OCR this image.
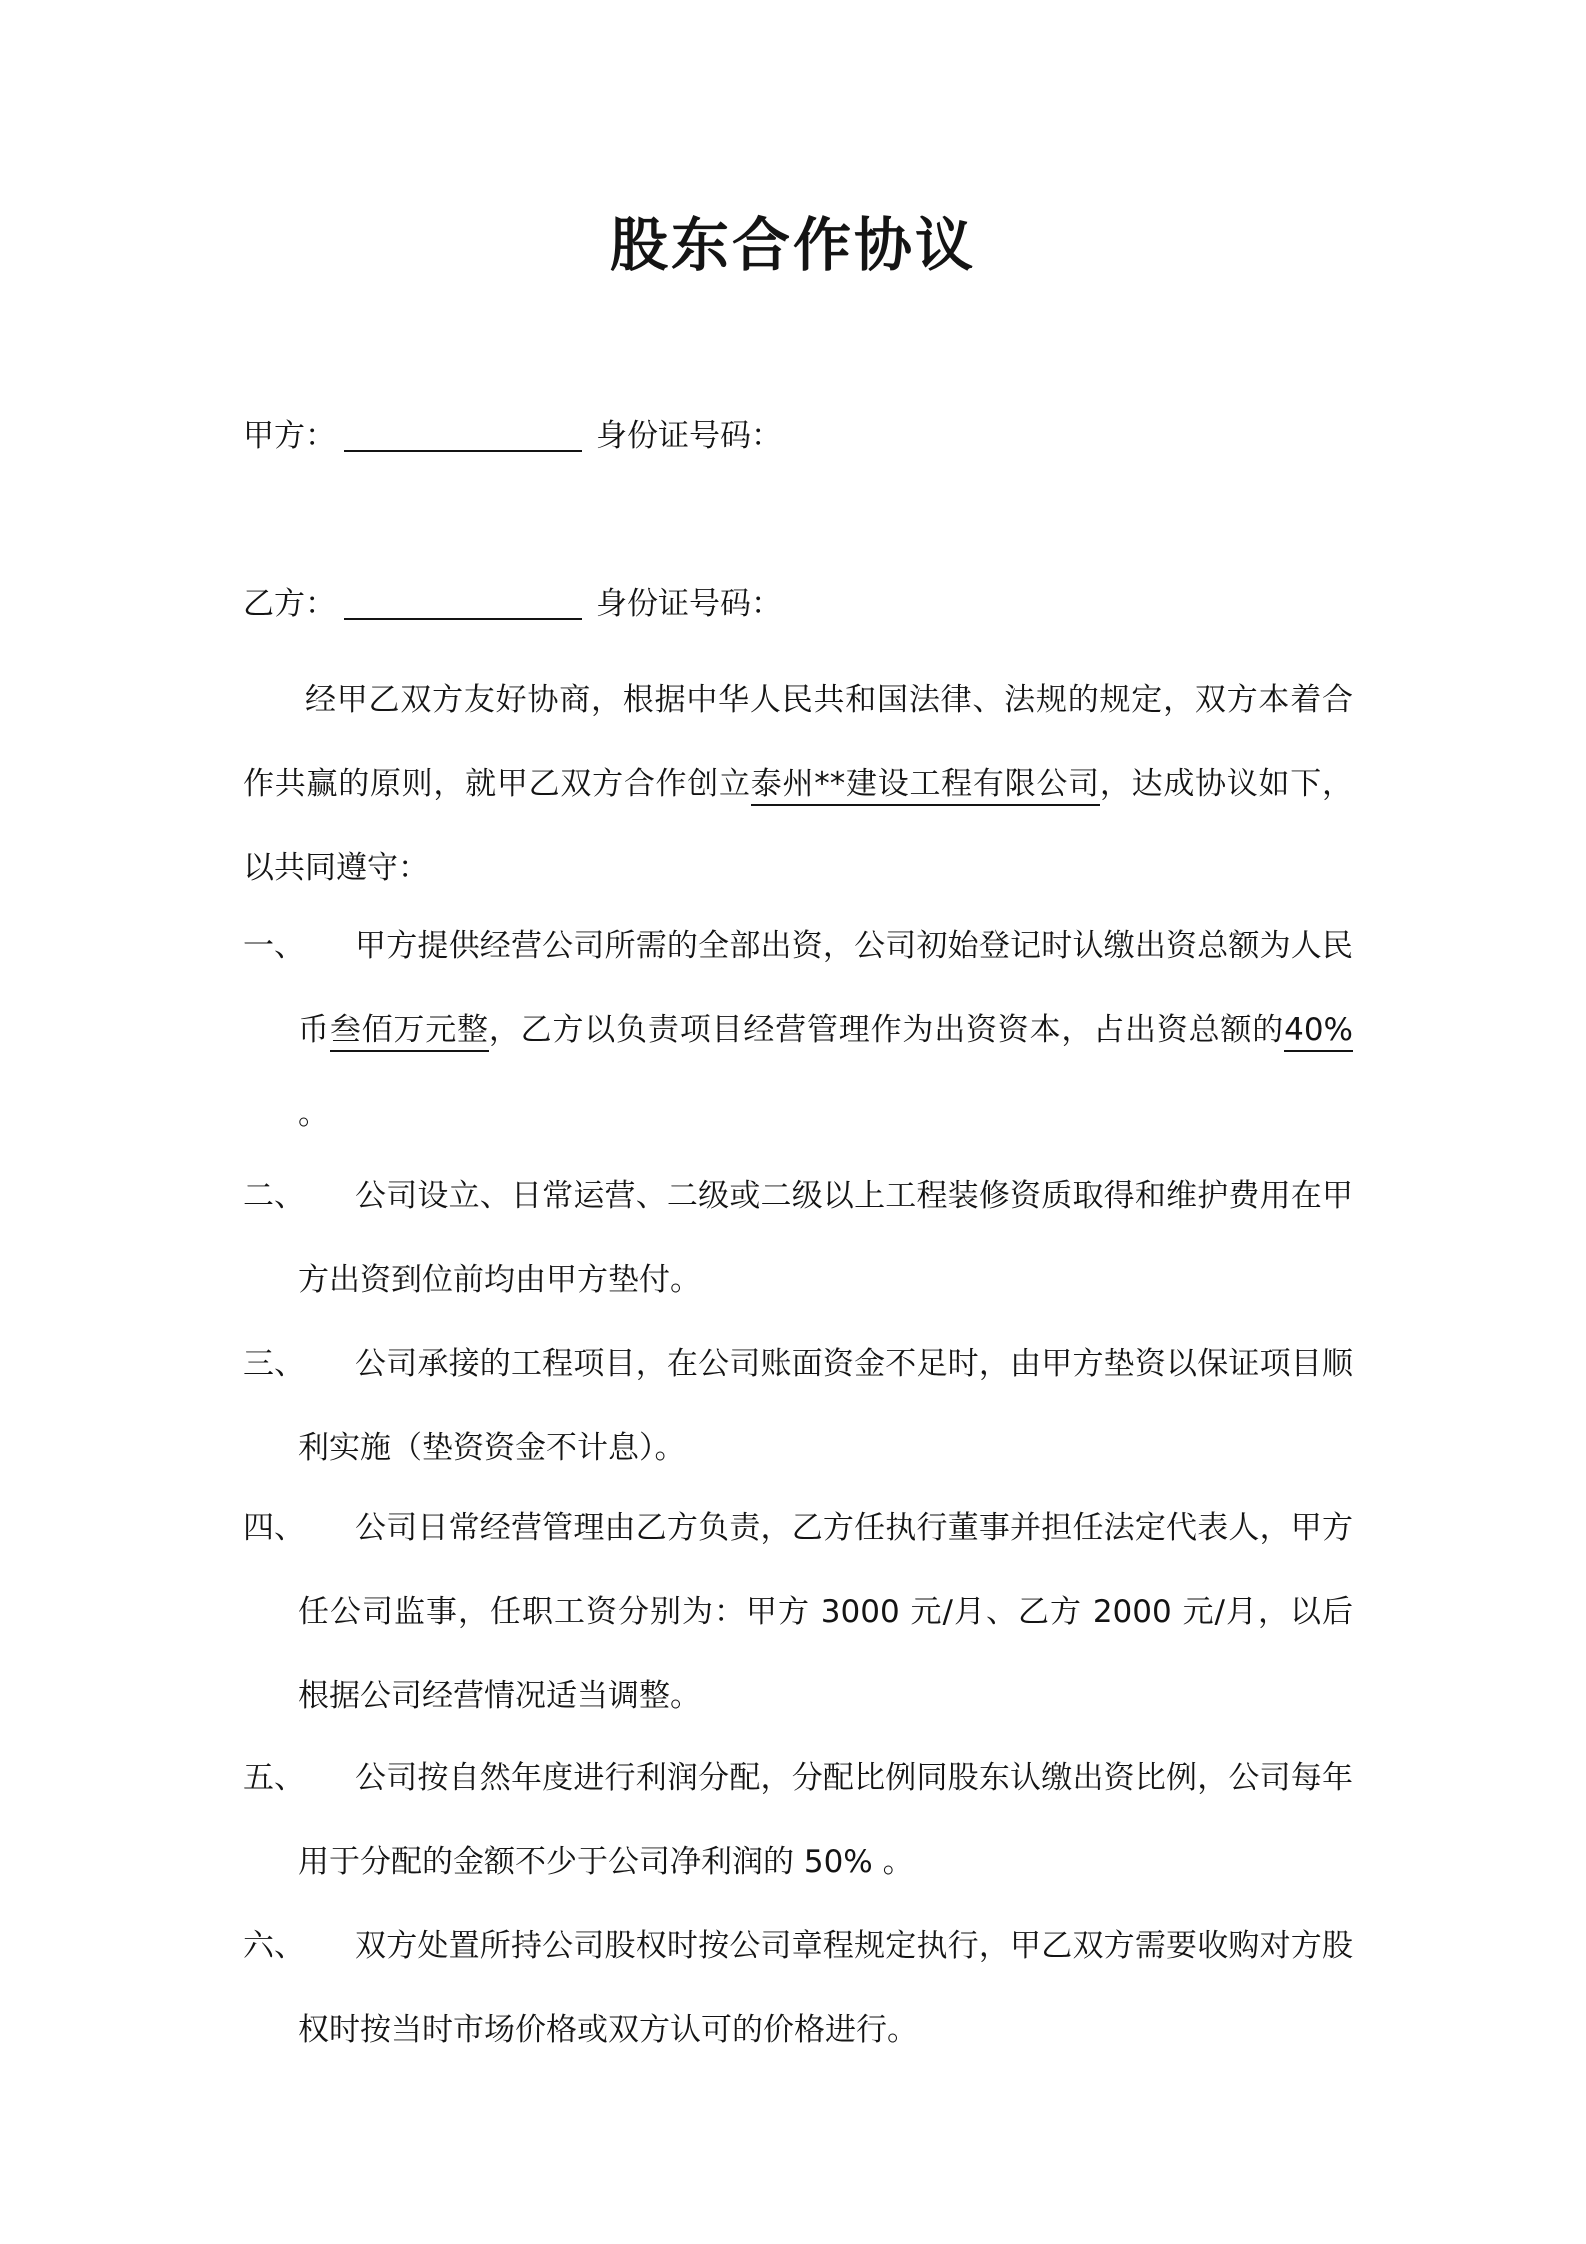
股东合作协议
甲方：	身份证号码：
乙方：	身份证号码：
经甲乙双方友好协商，根据中华人民共和国法律、法规的规定，双方本着合作共赢的原则，就甲乙双方合作创立泰州**建设工程有限公司，达成协议如下，以共同遵守：
一、	甲方提供经营公司所需的全部出资，公司初始登记时认缴出资总额为人民币叁佰万元整，乙方以负责项目经营管理作为出资资本，占出资总额的40% 。
二、	公司设立、日常运营、二级或二级以上工程装修资质取得和维护费用在甲方出资到位前均由甲方垫付。
三、	公司承接的工程项目，在公司账面资金不足时，由甲方垫资以保证项目顺利实施（垫资资金不计息）。
四、	公司日常经营管理由乙方负责，乙方任执行董事并担任法定代表人，甲方任公司监事，任职工资分别为：甲方 3000 元/月、乙方 2000 元/月，以后根据公司经营情况适当调整。
五、	公司按自然年度进行利润分配，分配比例同股东认缴出资比例，公司每年用于分配的金额不少于公司净利润的 50% 。
六、	双方处置所持公司股权时按公司章程规定执行，甲乙双方需要收购对方股权时按当时市场价格或双方认可的价格进行。
